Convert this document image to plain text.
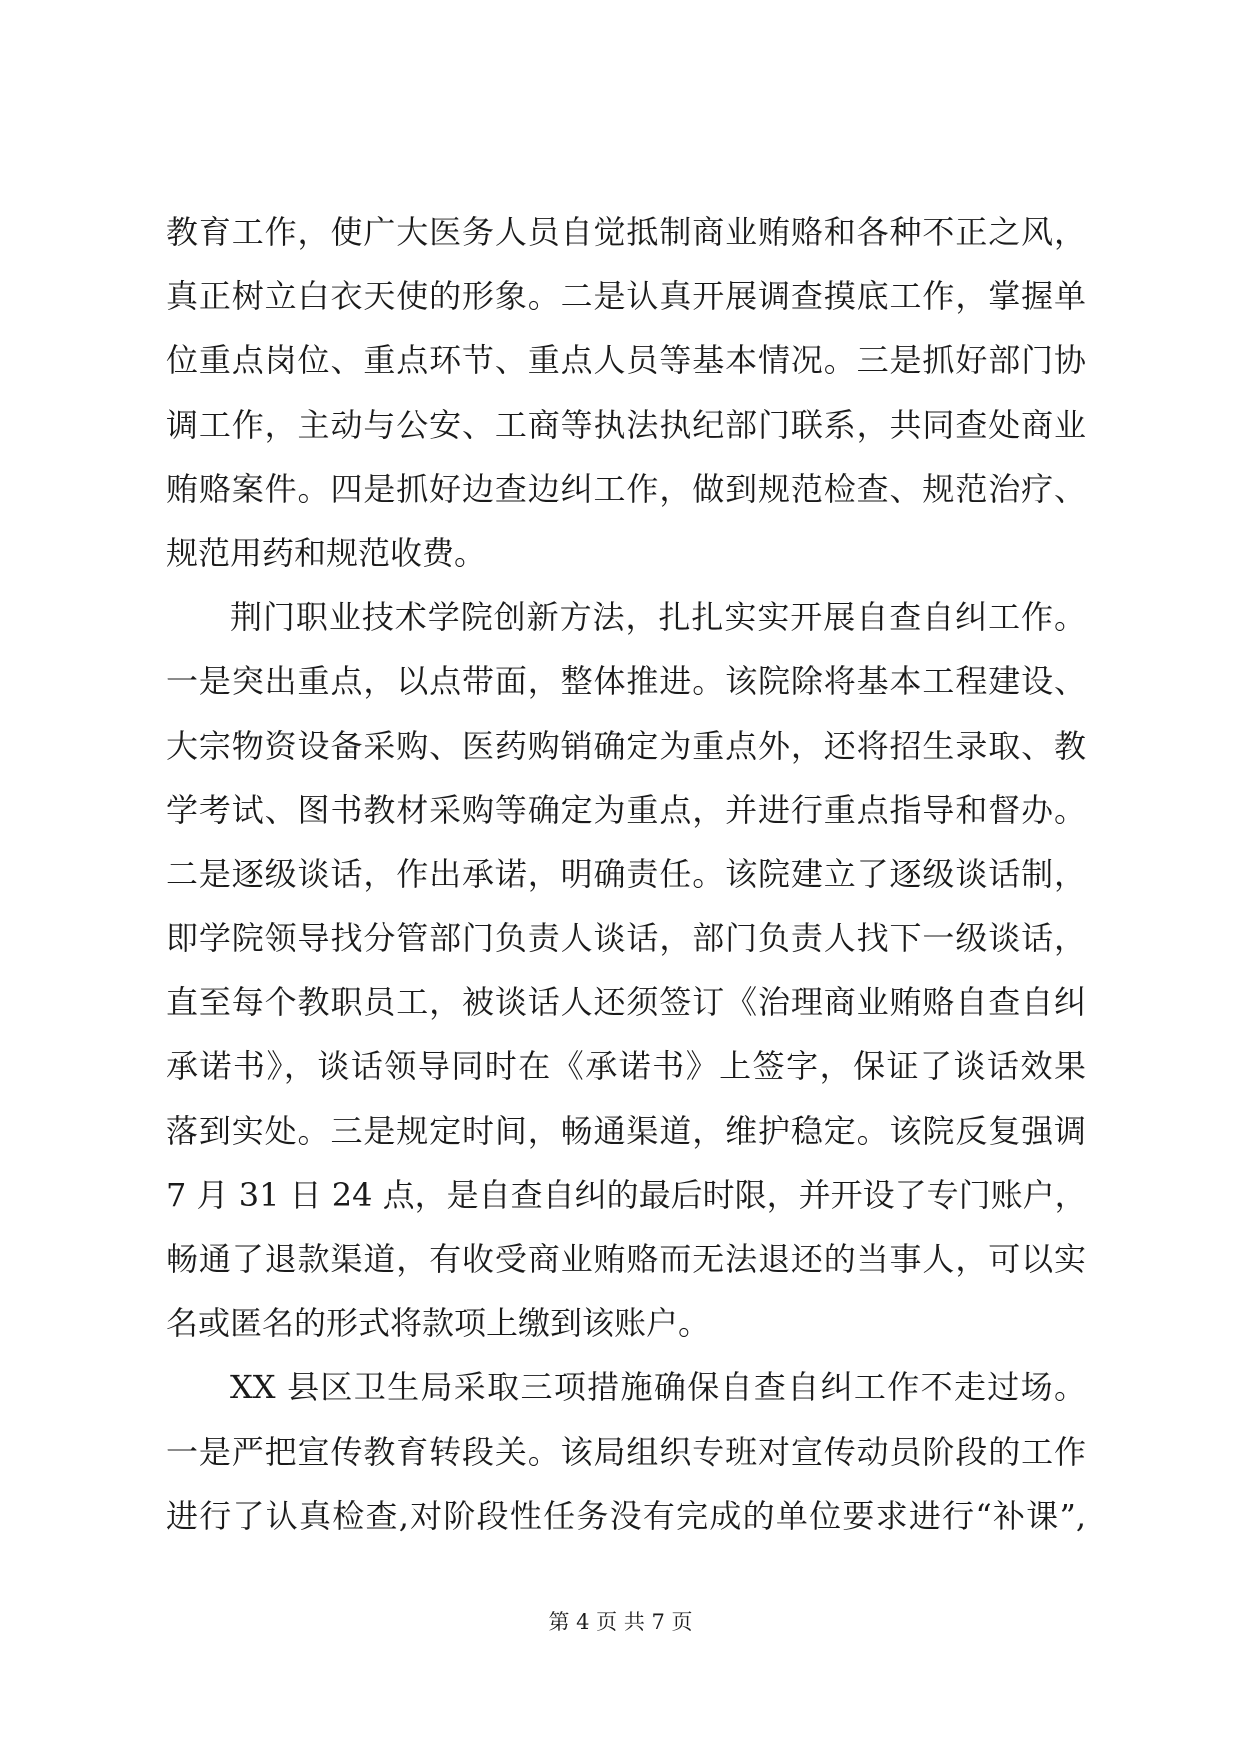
教育工作，使广大医务人员自觉抵制商业贿赂和各种不正之风，
真正树立白衣天使的形象。二是认真开展调查摸底工作，掌握单
位重点岗位、重点环节、重点人员等基本情况。三是抓好部门协
调工作，主动与公安、工商等执法执纪部门联系，共同查处商业
贿赂案件。四是抓好边查边纠工作，做到规范检查、规范治疗、
规范用药和规范收费。
荆门职业技术学院创新方法，扎扎实实开展自查自纠工作。
一是突出重点，以点带面，整体推进。该院除将基本工程建设、
大宗物资设备采购、医药购销确定为重点外，还将招生录取、教
学考试、图书教材采购等确定为重点，并进行重点指导和督办。
二是逐级谈话，作出承诺，明确责任。该院建立了逐级谈话制，
即学院领导找分管部门负责人谈话，部门负责人找下一级谈话，
直至每个教职员工，被谈话人还须签订《治理商业贿赂自查自纠
承诺书》，谈话领导同时在《承诺书》上签字，保证了谈话效果
落到实处。三是规定时间，畅通渠道，维护稳定。该院反复强调
7 月 31 日 24 点，是自查自纠的最后时限，并开设了专门账户，
畅通了退款渠道，有收受商业贿赂而无法退还的当事人，可以实
名或匿名的形式将款项上缴到该账户。
XX 县区卫生局采取三项措施确保自查自纠工作不走过场。
一是严把宣传教育转段关。该局组织专班对宣传动员阶段的工作
进行了认真检查,对阶段性任务没有完成的单位要求进行“补课”,
第 4 页 共 7 页
